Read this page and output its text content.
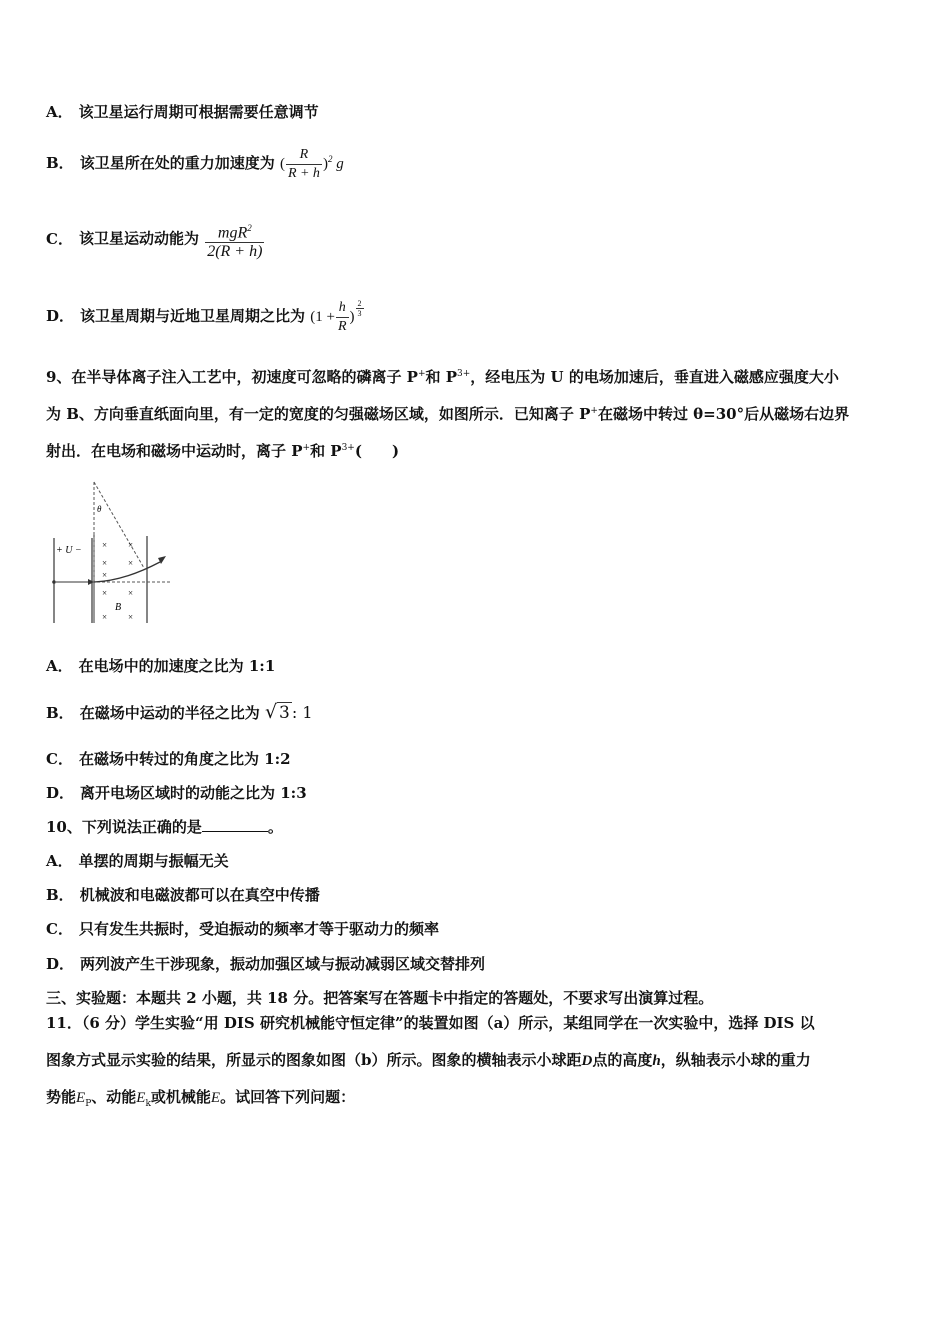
A． 该卫星运行周期可根据需要任意调节
B． 该卫星所在处的重力加速度为 ( $\frac{R}{R + h} )^2$ g
C． 该卫星运动动能为 $\frac{mgR^2}{2(R + h)}$
D． 该卫星周期与近地卫星周期之比为 ($1 + \frac{h}{R}$ ) $\frac{2}{3}$
9、在半导体离子注入工艺中，初速度可忽略的磷离子 P+和 $P^{3+}$，经电压为 U 的电场加速后，垂直进入磁感应强度大小
为 B、方向垂直纸面向里，有一定的宽度的匀强磁场区域，如图所示．已知离子 P+在磁场中转过 θ=30°后从磁场右边界
射出．在电场和磁场中运动时，离子 P+和 $P^{3+}$(　　)
+ U −
θ
B
× ×
× ×
×
× ×
× ×
A． 在电场中的加速度之比为 1:1
B． 在磁场中运动的半径之比为 √ 3 : 1
C． 在磁场中转过的角度之比为 1:2
D． 离开电场区域时的动能之比为 1:3
10、下列说法正确的是	。
A． 单摆的周期与振幅无关
B． 机械波和电磁波都可以在真空中传播
C． 只有发生共振时，受迫振动的频率才等于驱动力的频率
D． 两列波产生干涉现象，振动加强区域与振动减弱区域交替排列
三、实验题：本题共 2 小题，共 18 分。把答案写在答题卡中指定的答题处，不要求写出演算过程。
11．（6 分）学生实验“用 DIS 研究机械能守恒定律”的装置如图（a）所示，某组同学在一次实验中，选择 DIS 以
图象方式显示实验的结果，所显示的图象如图（b）所示。图象的横轴表示小球距D点的高度h，纵轴表示小球的重力
势能$E_P$、动能$E_k$或机械能E。试回答下列问题：
